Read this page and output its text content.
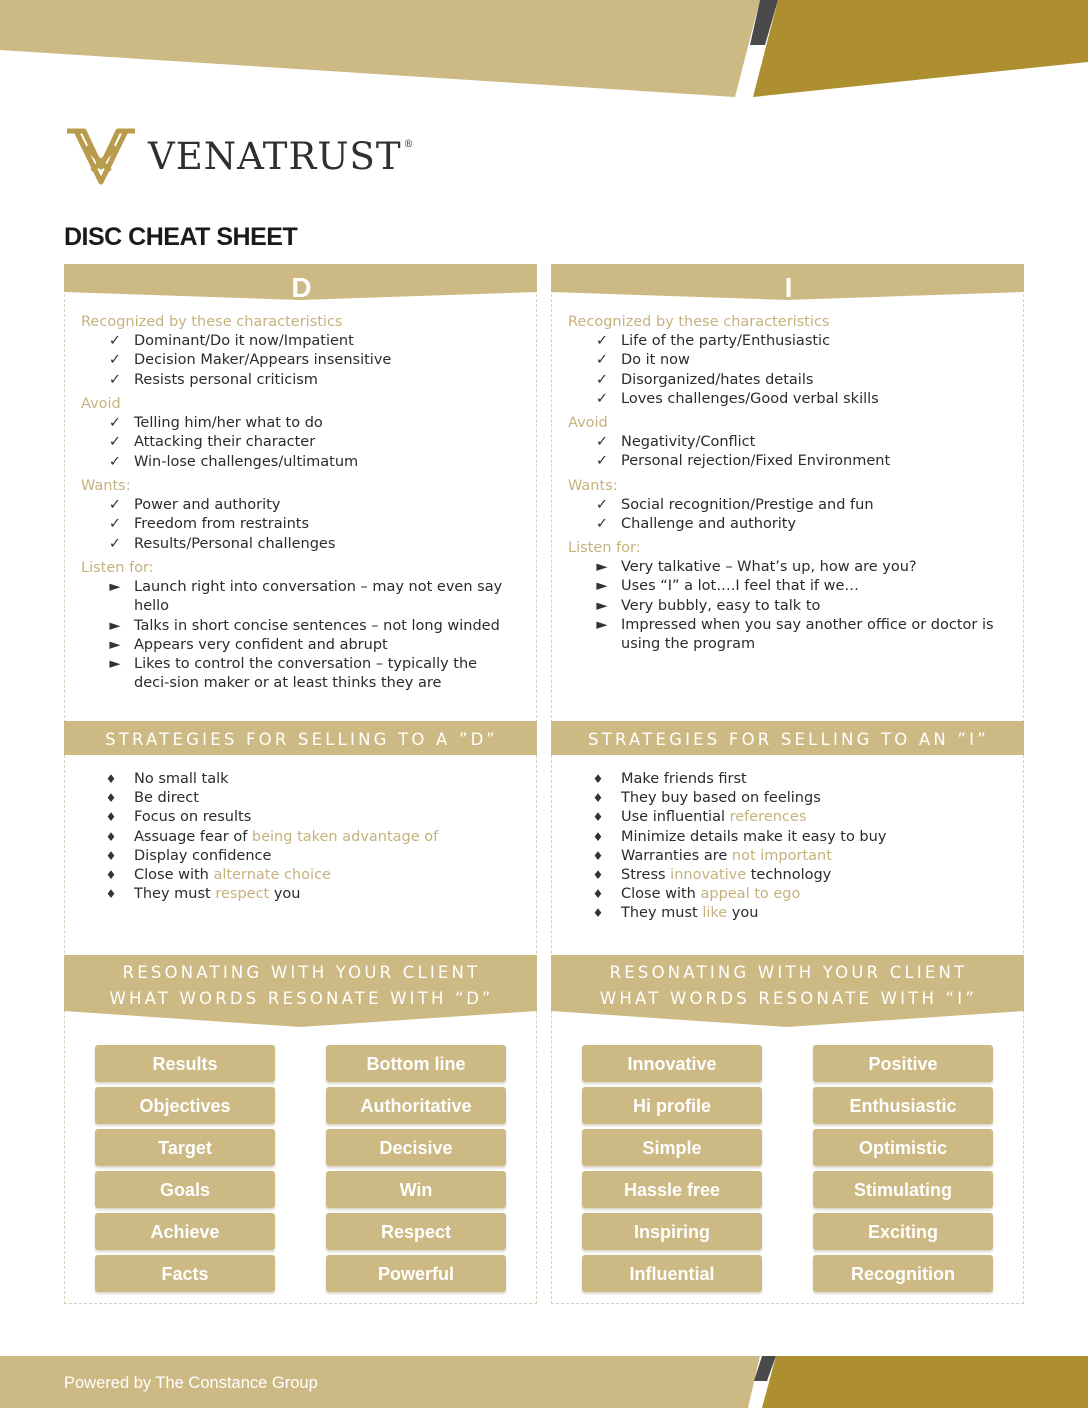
VENATRUST ®
DISC CHEAT SHEET
D
Recognized by these characteristics
✓ Dominant/Do it now/Impatient
✓ Decision Maker/Appears insensitive
✓ Resists personal criticism
Avoid
✓ Telling him/her what to do
✓ Attacking their character
✓ Win-lose challenges/ultimatum
Wants:
✓ Power and authority
✓ Freedom from restraints
✓ Results/Personal challenges
Listen for:
► Launch right into conversation – may not even say hello
► Talks in short concise sentences – not long winded
► Appears very confident and abrupt
► Likes to control the conversation – typically the deci-sion maker or at least thinks they are
STRATEGIES FOR SELLING TO A ”D”
♦ No small talk
♦ Be direct
♦ Focus on results
♦ Assuage fear of being taken advantage of
♦ Display confidence
♦ Close with alternate choice
♦ They must respect you
RESONATING WITH YOUR CLIENT
WHAT WORDS RESONATE WITH “D”
Results
Objectives
Target
Goals
Achieve
Facts
Bottom line
Authoritative
Decisive
Win
Respect
Powerful
I
Recognized by these characteristics
✓ Life of the party/Enthusiastic
✓ Do it now
✓ Disorganized/hates details
✓ Loves challenges/Good verbal skills
Avoid
✓ Negativity/Conflict
✓ Personal rejection/Fixed Environment
Wants:
✓ Social recognition/Prestige and fun
✓ Challenge and authority
Listen for:
► Very talkative – What’s up, how are you?
► Uses “I” a lot….I feel that if we…
► Very bubbly, easy to talk to
► Impressed when you say another office or doctor is using the program
STRATEGIES FOR SELLING TO AN ”I”
♦ Make friends first
♦ They buy based on feelings
♦ Use influential references
♦ Minimize details make it easy to buy
♦ Warranties are not important
♦ Stress innovative technology
♦ Close with appeal to ego
♦ They must like you
RESONATING WITH YOUR CLIENT
WHAT WORDS RESONATE WITH “I”
Innovative
Hi profile
Simple
Hassle free
Inspiring
Influential
Positive
Enthusiastic
Optimistic
Stimulating
Exciting
Recognition
Powered by The Constance Group
